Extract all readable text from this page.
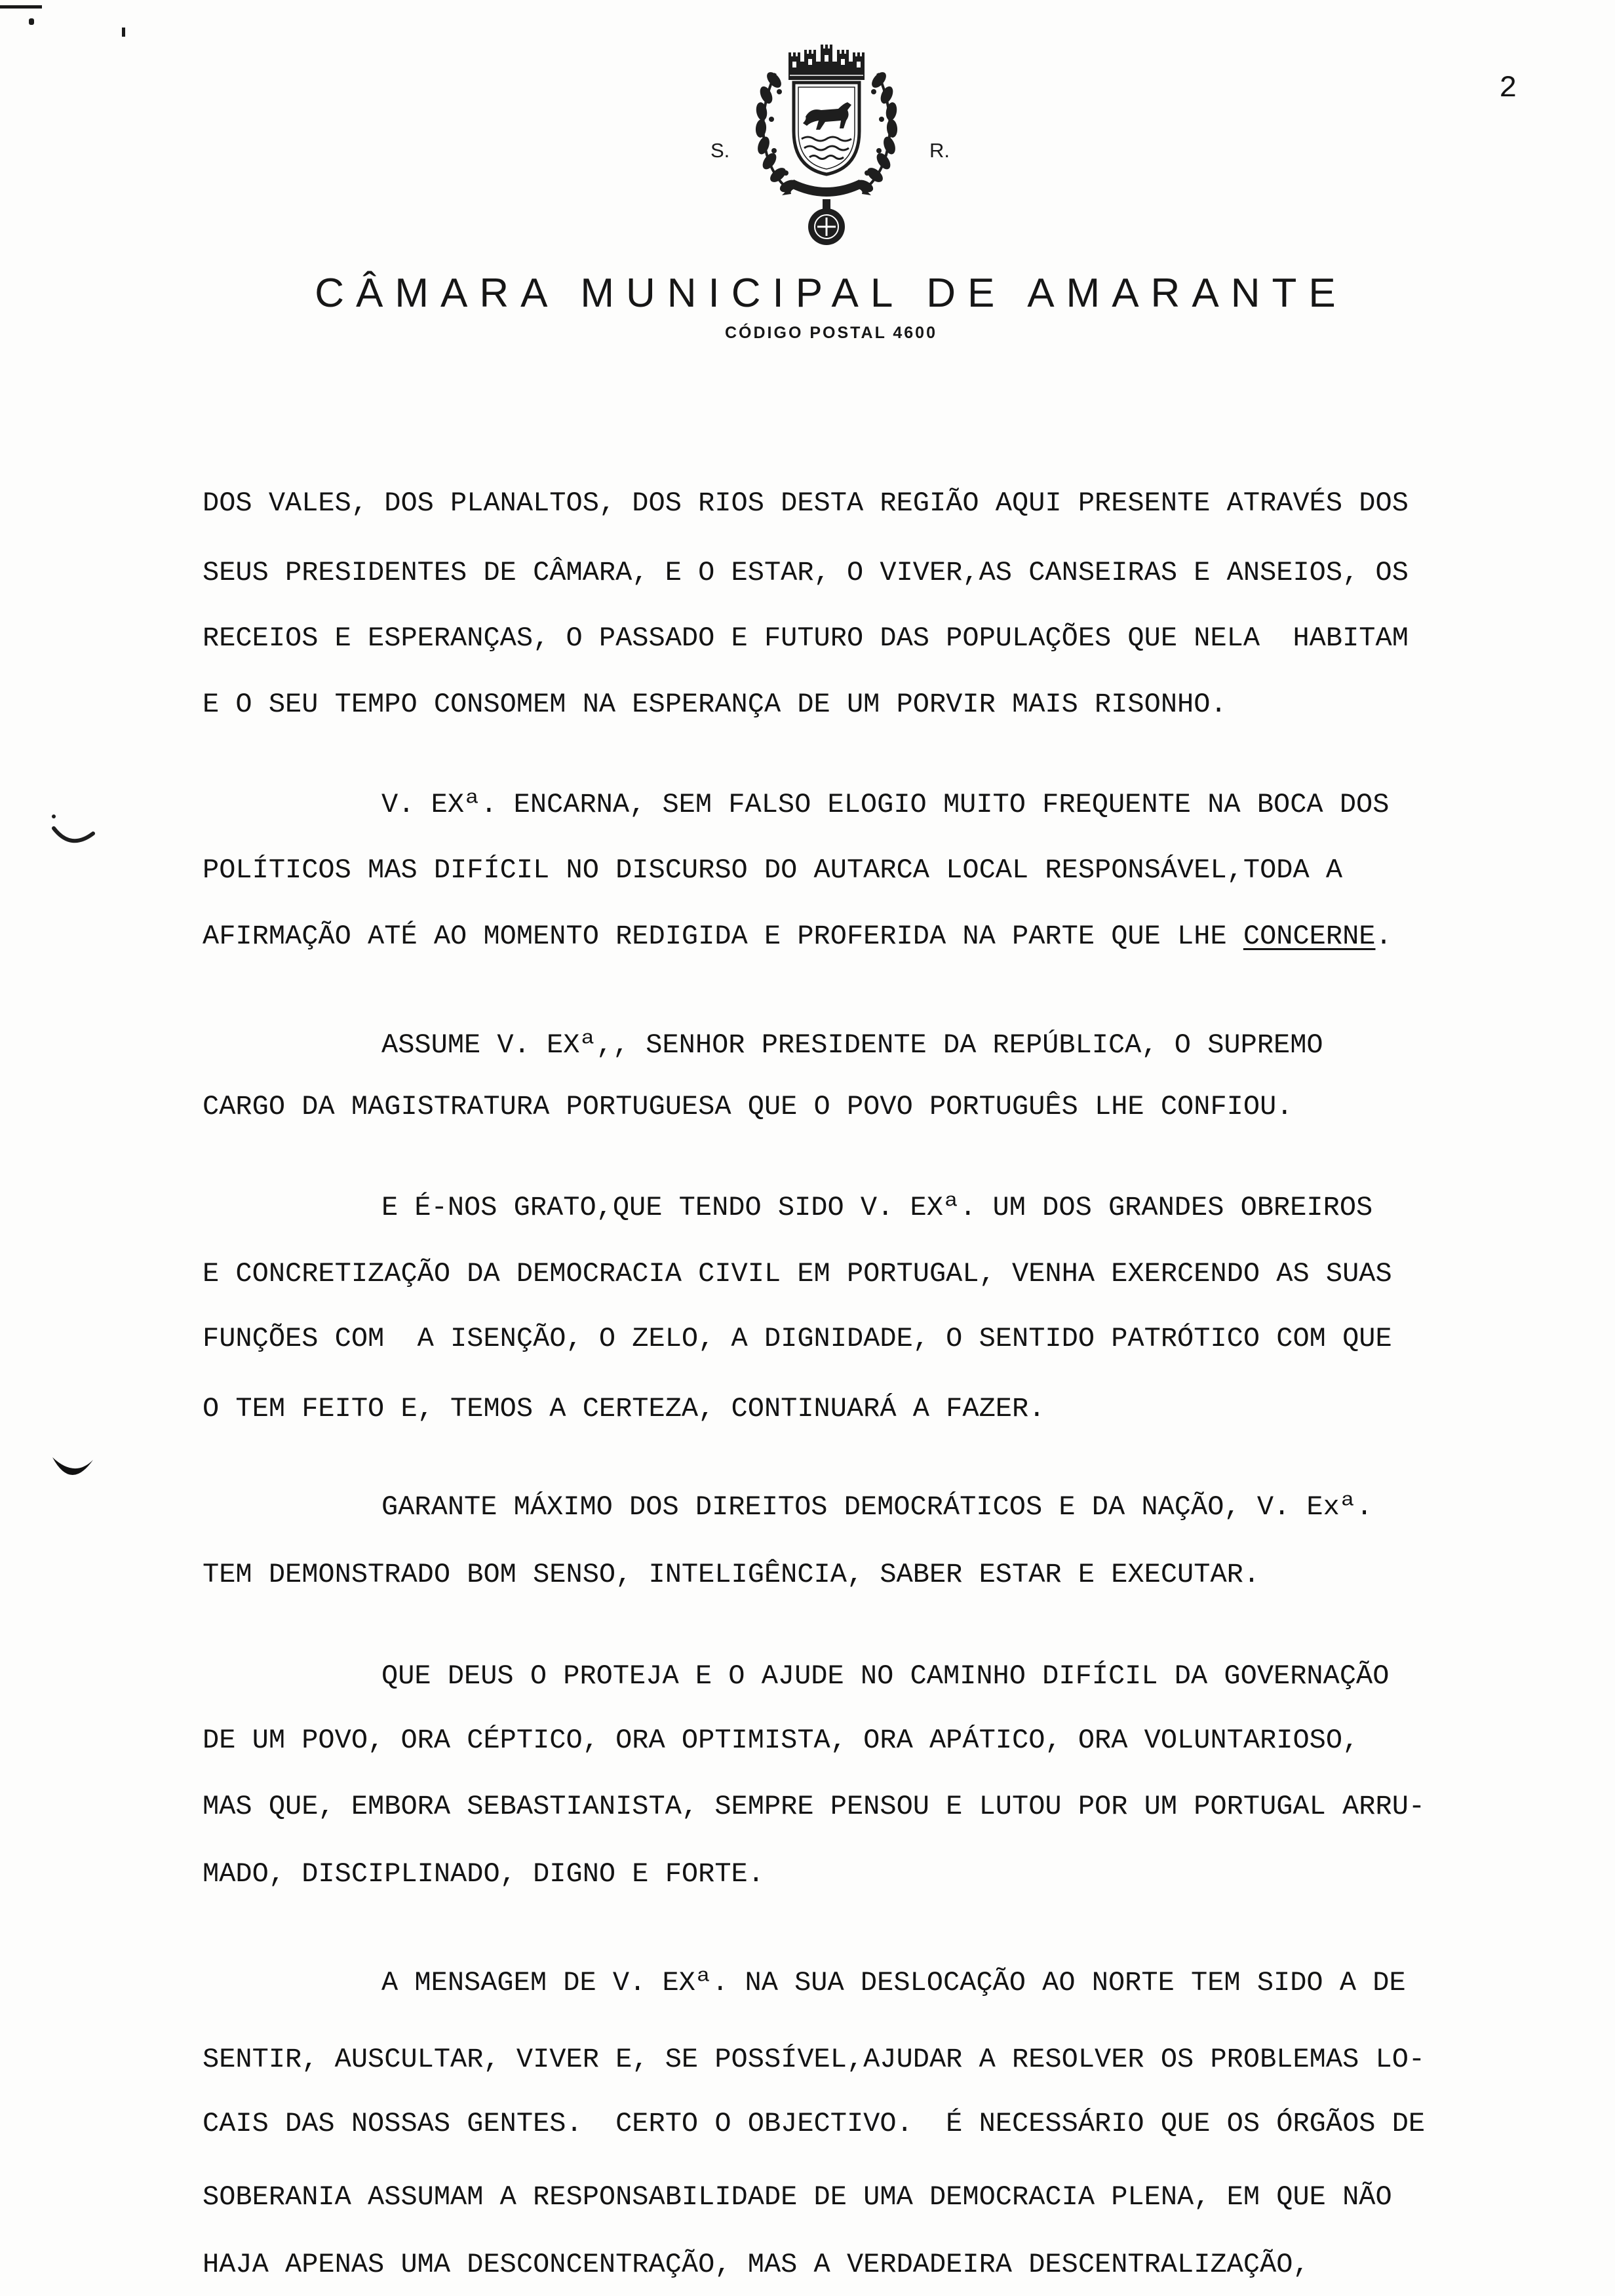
2
S.	R.
CÂMARA MUNICIPAL DE AMARANTE
CÓDIGO POSTAL 4600
DOS VALES, DOS PLANALTOS, DOS RIOS DESTA REGIÃO AQUI PRESENTE ATRAVÉS DOS
SEUS PRESIDENTES DE CÂMARA, E O ESTAR, O VIVER,AS CANSEIRAS E ANSEIOS, OS
RECEIOS E ESPERANÇAS, O PASSADO E FUTURO DAS POPULAÇÕES QUE NELA  HABITAM
E O SEU TEMPO CONSOMEM NA ESPERANÇA DE UM PORVIR MAIS RISONHO.
V. EXª. ENCARNA, SEM FALSO ELOGIO MUITO FREQUENTE NA BOCA DOS
POLÍTICOS MAS DIFÍCIL NO DISCURSO DO AUTARCA LOCAL RESPONSÁVEL,TODA A
AFIRMAÇÃO ATÉ AO MOMENTO REDIGIDA E PROFERIDA NA PARTE QUE LHE CONCERNE.
ASSUME V. EXª,, SENHOR PRESIDENTE DA REPÚBLICA, O SUPREMO
CARGO DA MAGISTRATURA PORTUGUESA QUE O POVO PORTUGUÊS LHE CONFIOU.
E É-NOS GRATO,QUE TENDO SIDO V. EXª. UM DOS GRANDES OBREIROS
E CONCRETIZAÇÃO DA DEMOCRACIA CIVIL EM PORTUGAL, VENHA EXERCENDO AS SUAS
FUNÇÕES COM  A ISENÇÃO, O ZELO, A DIGNIDADE, O SENTIDO PATRÓTICO COM QUE
O TEM FEITO E, TEMOS A CERTEZA, CONTINUARÁ A FAZER.
GARANTE MÁXIMO DOS DIREITOS DEMOCRÁTICOS E DA NAÇÃO, V. Exª.
TEM DEMONSTRADO BOM SENSO, INTELIGÊNCIA, SABER ESTAR E EXECUTAR.
QUE DEUS O PROTEJA E O AJUDE NO CAMINHO DIFÍCIL DA GOVERNAÇÃO
DE UM POVO, ORA CÉPTICO, ORA OPTIMISTA, ORA APÁTICO, ORA VOLUNTARIOSO,
MAS QUE, EMBORA SEBASTIANISTA, SEMPRE PENSOU E LUTOU POR UM PORTUGAL ARRU-
MADO, DISCIPLINADO, DIGNO E FORTE.
A MENSAGEM DE V. EXª. NA SUA DESLOCAÇÃO AO NORTE TEM SIDO A DE
SENTIR, AUSCULTAR, VIVER E, SE POSSÍVEL,AJUDAR A RESOLVER OS PROBLEMAS LO-
CAIS DAS NOSSAS GENTES.  CERTO O OBJECTIVO.  É NECESSÁRIO QUE OS ÓRGÃOS DE
SOBERANIA ASSUMAM A RESPONSABILIDADE DE UMA DEMOCRACIA PLENA, EM QUE NÃO
HAJA APENAS UMA DESCONCENTRAÇÃO, MAS A VERDADEIRA DESCENTRALIZAÇÃO,
